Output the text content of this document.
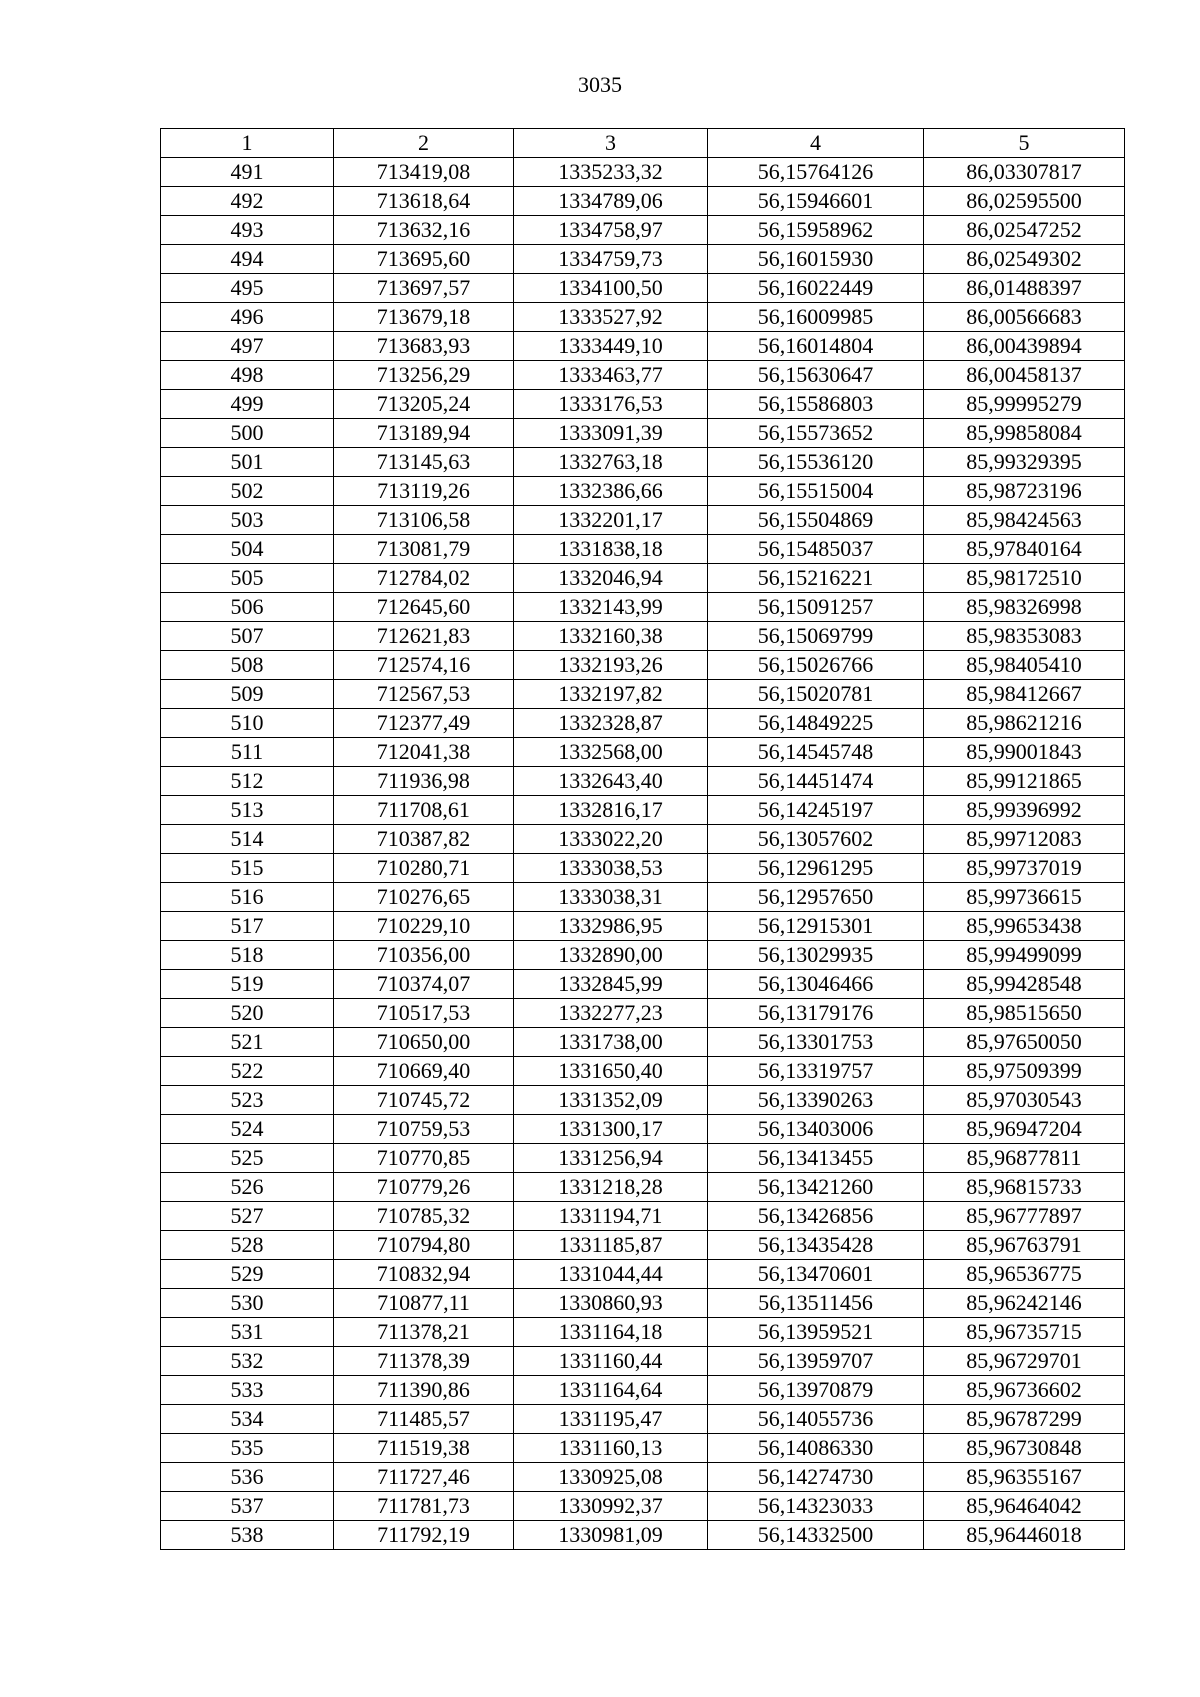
3035
1	2	3	4	5
491	713419,08	1335233,32	56,15764126	86,03307817
492	713618,64	1334789,06	56,15946601	86,02595500
493	713632,16	1334758,97	56,15958962	86,02547252
494	713695,60	1334759,73	56,16015930	86,02549302
495	713697,57	1334100,50	56,16022449	86,01488397
496	713679,18	1333527,92	56,16009985	86,00566683
497	713683,93	1333449,10	56,16014804	86,00439894
498	713256,29	1333463,77	56,15630647	86,00458137
499	713205,24	1333176,53	56,15586803	85,99995279
500	713189,94	1333091,39	56,15573652	85,99858084
501	713145,63	1332763,18	56,15536120	85,99329395
502	713119,26	1332386,66	56,15515004	85,98723196
503	713106,58	1332201,17	56,15504869	85,98424563
504	713081,79	1331838,18	56,15485037	85,97840164
505	712784,02	1332046,94	56,15216221	85,98172510
506	712645,60	1332143,99	56,15091257	85,98326998
507	712621,83	1332160,38	56,15069799	85,98353083
508	712574,16	1332193,26	56,15026766	85,98405410
509	712567,53	1332197,82	56,15020781	85,98412667
510	712377,49	1332328,87	56,14849225	85,98621216
511	712041,38	1332568,00	56,14545748	85,99001843
512	711936,98	1332643,40	56,14451474	85,99121865
513	711708,61	1332816,17	56,14245197	85,99396992
514	710387,82	1333022,20	56,13057602	85,99712083
515	710280,71	1333038,53	56,12961295	85,99737019
516	710276,65	1333038,31	56,12957650	85,99736615
517	710229,10	1332986,95	56,12915301	85,99653438
518	710356,00	1332890,00	56,13029935	85,99499099
519	710374,07	1332845,99	56,13046466	85,99428548
520	710517,53	1332277,23	56,13179176	85,98515650
521	710650,00	1331738,00	56,13301753	85,97650050
522	710669,40	1331650,40	56,13319757	85,97509399
523	710745,72	1331352,09	56,13390263	85,97030543
524	710759,53	1331300,17	56,13403006	85,96947204
525	710770,85	1331256,94	56,13413455	85,96877811
526	710779,26	1331218,28	56,13421260	85,96815733
527	710785,32	1331194,71	56,13426856	85,96777897
528	710794,80	1331185,87	56,13435428	85,96763791
529	710832,94	1331044,44	56,13470601	85,96536775
530	710877,11	1330860,93	56,13511456	85,96242146
531	711378,21	1331164,18	56,13959521	85,96735715
532	711378,39	1331160,44	56,13959707	85,96729701
533	711390,86	1331164,64	56,13970879	85,96736602
534	711485,57	1331195,47	56,14055736	85,96787299
535	711519,38	1331160,13	56,14086330	85,96730848
536	711727,46	1330925,08	56,14274730	85,96355167
537	711781,73	1330992,37	56,14323033	85,96464042
538	711792,19	1330981,09	56,14332500	85,96446018
